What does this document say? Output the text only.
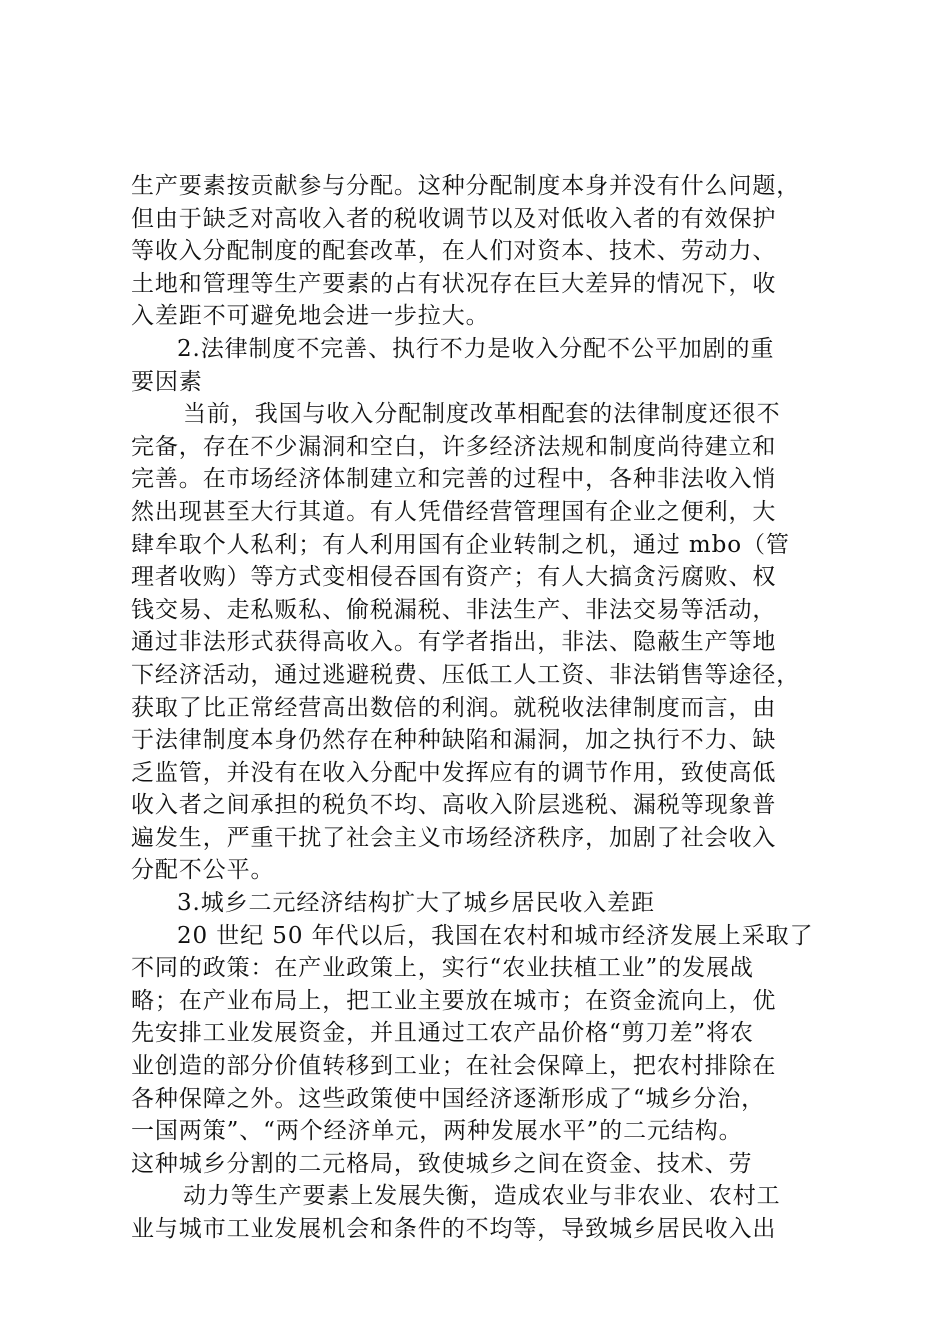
生产要素按贡献参与分配。这种分配制度本身并没有什么问题，
但由于缺乏对高收入者的税收调节以及对低收入者的有效保护
等收入分配制度的配套改革，在人们对资本、技术、劳动力、
土地和管理等生产要素的占有状况存在巨大差异的情况下，收
入差距不可避免地会进一步拉大。
2.法律制度不完善、执行不力是收入分配不公平加剧的重
要因素
当前，我国与收入分配制度改革相配套的法律制度还很不
完备，存在不少漏洞和空白，许多经济法规和制度尚待建立和
完善。在市场经济体制建立和完善的过程中，各种非法收入悄
然出现甚至大行其道。有人凭借经营管理国有企业之便利，大
肆牟取个人私利；有人利用国有企业转制之机，通过 mbo（管
理者收购）等方式变相侵吞国有资产；有人大搞贪污腐败、权
钱交易、走私贩私、偷税漏税、非法生产、非法交易等活动，
通过非法形式获得高收入。有学者指出，非法、隐蔽生产等地
下经济活动，通过逃避税费、压低工人工资、非法销售等途径，
获取了比正常经营高出数倍的利润。就税收法律制度而言，由
于法律制度本身仍然存在种种缺陷和漏洞，加之执行不力、缺
乏监管，并没有在收入分配中发挥应有的调节作用，致使高低
收入者之间承担的税负不均、高收入阶层逃税、漏税等现象普
遍发生，严重干扰了社会主义市场经济秩序，加剧了社会收入
分配不公平。
3.城乡二元经济结构扩大了城乡居民收入差距
20 世纪 50 年代以后，我国在农村和城市经济发展上采取了
不同的政策：在产业政策上，实行“农业扶植工业”的发展战
略；在产业布局上，把工业主要放在城市；在资金流向上，优
先安排工业发展资金，并且通过工农产品价格“剪刀差”将农
业创造的部分价值转移到工业；在社会保障上，把农村排除在
各种保障之外。这些政策使中国经济逐渐形成了“城乡分治，
一国两策”、“两个经济单元，两种发展水平”的二元结构。
这种城乡分割的二元格局，致使城乡之间在资金、技术、劳
动力等生产要素上发展失衡，造成农业与非农业、农村工
业与城市工业发展机会和条件的不均等，导致城乡居民收入出
